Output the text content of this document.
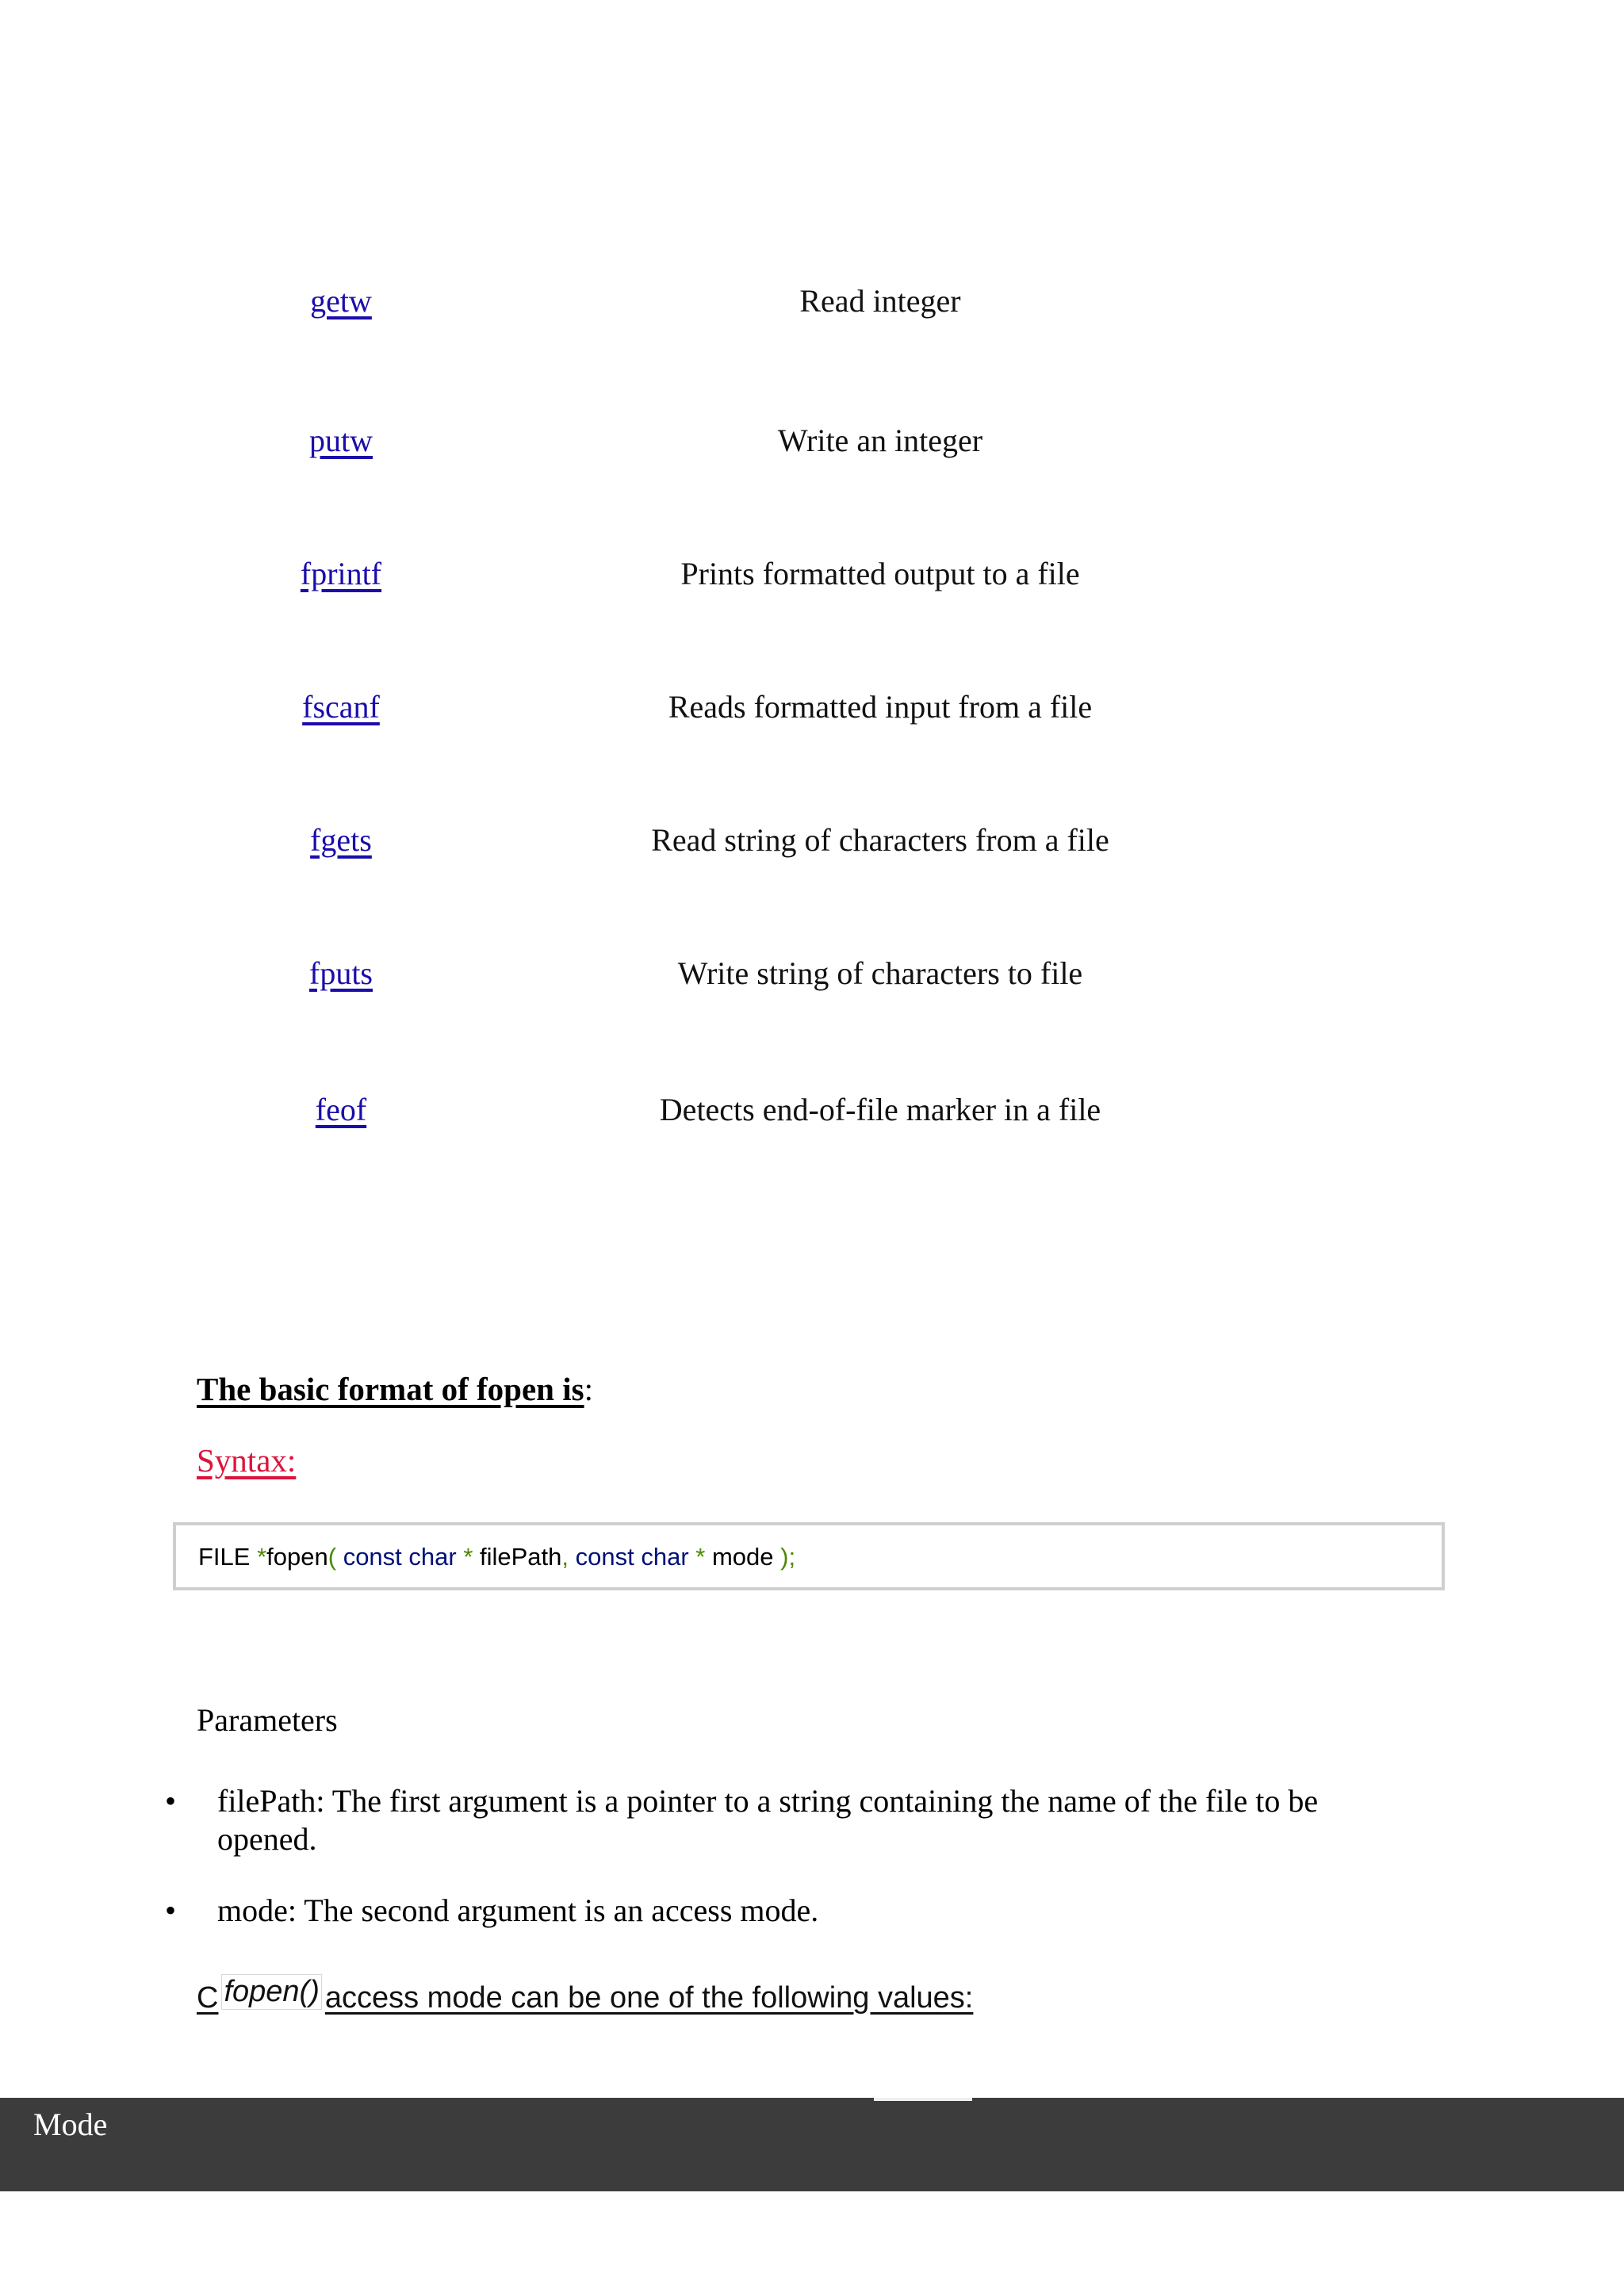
getw	Read integer
putw	Write an integer
fprintf	Prints formatted output to a file
fscanf	Reads formatted input from a file
fgets	Read string of characters from a file
fputs	Write string of characters to file
feof	Detects end-of-file marker in a file
The basic format of fopen is:
Syntax:
FILE *fopen( const char * filePath, const char * mode );
Parameters
• filePath: The first argument is a pointer to a string containing the name of the file to be opened.
• mode: The second argument is an access mode.
C fopen() access mode can be one of the following values:
Mode
